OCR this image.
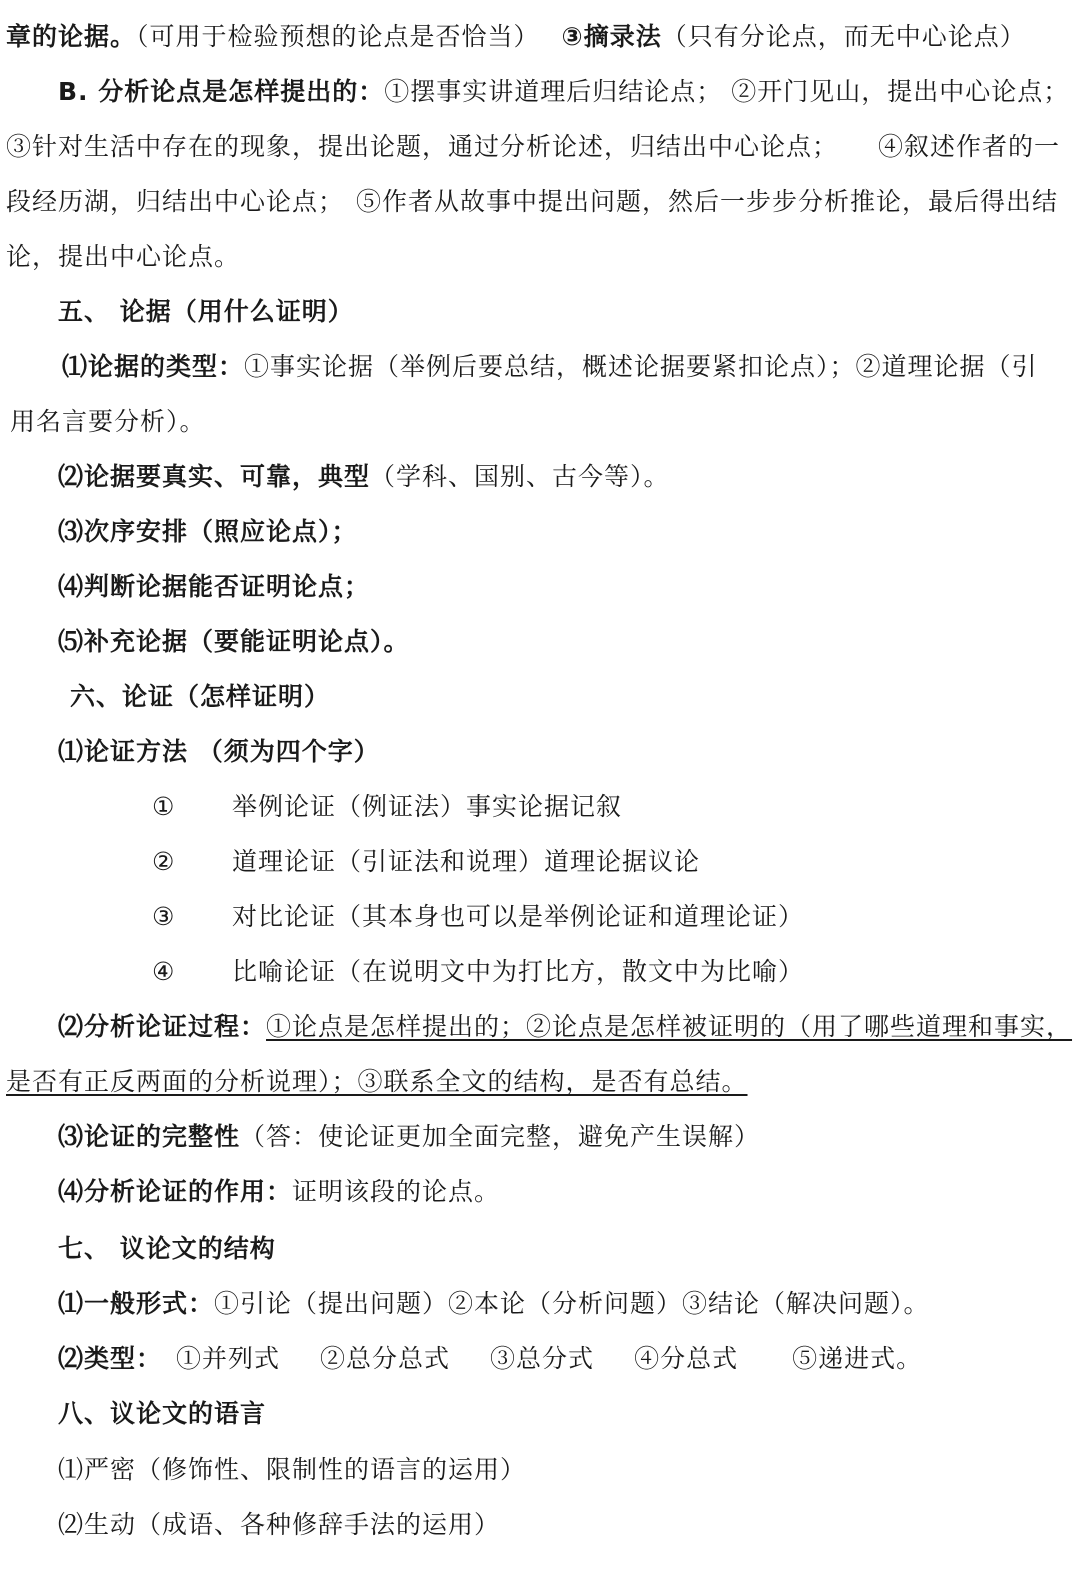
章的论据。（可用于检验预想的论点是否恰当） ③摘录法（只有分论点，而无中心论点）
B. 分析论点是怎样提出的：①摆事实讲道理后归结论点； ②开门见山，提出中心论点；
③针对生活中存在的现象，提出论题，通过分析论述，归结出中心论点； ④叙述作者的一
段经历湖，归结出中心论点； ⑤作者从故事中提出问题，然后一步步分析推论，最后得出结
论，提出中心论点。
五、 论据（用什么证明）
⑴论据的类型：①事实论据（举例后要总结，概述论据要紧扣论点）；②道理论据（引
用名言要分析）。
⑵论据要真实、可靠，典型（学科、国别、古今等）。
⑶次序安排（照应论点）；
⑷判断论据能否证明论点；
⑸补充论据（要能证明论点）。
六、论证（怎样证明）
⑴论证方法 （须为四个字）
① 举例论证（例证法）事实论据记叙
② 道理论证（引证法和说理）道理论据议论
③ 对比论证（其本身也可以是举例论证和道理论证）
④ 比喻论证（在说明文中为打比方，散文中为比喻）
⑵分析论证过程：①论点是怎样提出的；②论点是怎样被证明的（用了哪些道理和事实，
是否有正反两面的分析说理）；③联系全文的结构，是否有总结。
⑶论证的完整性（答：使论证更加全面完整，避免产生误解）
⑷分析论证的作用：证明该段的论点。
七、 议论文的结构
⑴一般形式：①引论（提出问题）②本论（分析问题）③结论（解决问题）。
⑵类型： ①并列式 ②总分总式 ③总分式 ④分总式 ⑤递进式。
八、议论文的语言
⑴严密（修饰性、限制性的语言的运用）
⑵生动（成语、各种修辞手法的运用）
